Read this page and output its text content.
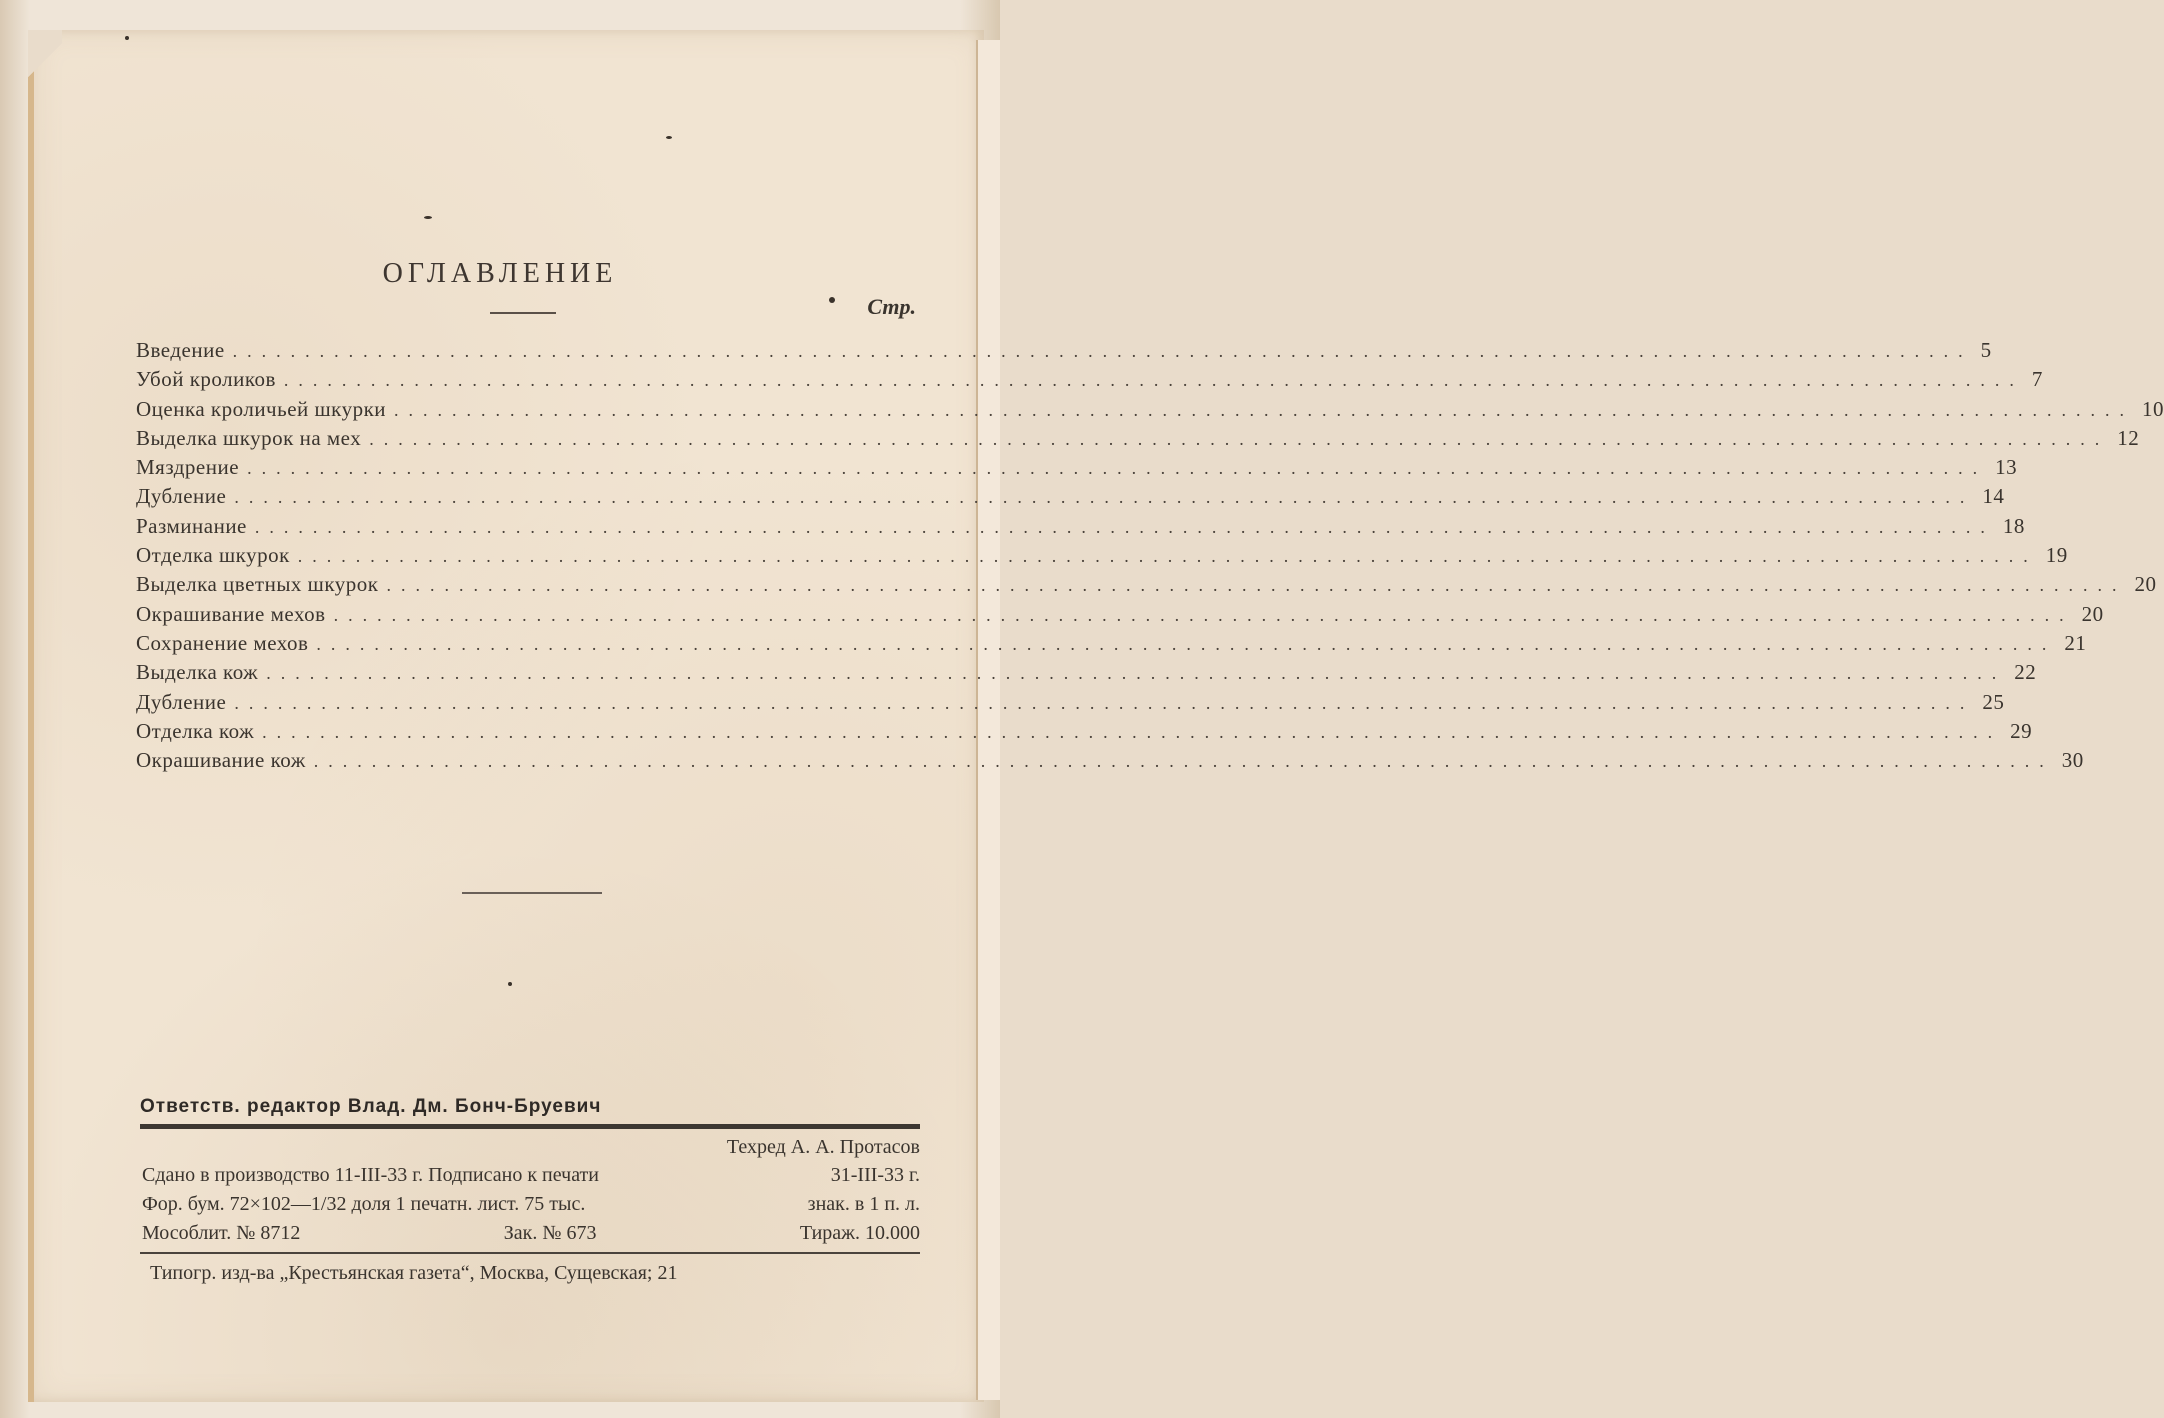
ОГЛАВЛЕНИЕ
Стр.
Введение ........................................................................................................................ 5
Убой кроликов ........................................................................................................................ 7
Оценка кроличьей шкурки ........................................................................................................................ 10
Выделка шкурок на мех ........................................................................................................................ 12
Мяздрение ........................................................................................................................ 13
Дубление ........................................................................................................................ 14
Разминание ........................................................................................................................ 18
Отделка шкурок ........................................................................................................................ 19
Выделка цветных шкурок ........................................................................................................................ 20
Окрашивание мехов ........................................................................................................................ 20
Сохранение мехов ........................................................................................................................ 21
Выделка кож ........................................................................................................................ 22
Дубление ........................................................................................................................ 25
Отделка кож ........................................................................................................................ 29
Окрашивание кож ........................................................................................................................ 30
Ответств. редактор Влад. Дм. Бонч-Бруевич
Техред А. А. Протасов
Сдано в производство 11-III-33 г. Подписано к печати	31-III-33 г.
Фор. бум. 72×102—1/32 доля 1 печатн. лист. 75 тыс.	знак. в 1 п. л.
Мособлит. № 8712	Зак. № 673	Тираж. 10.000
Типогр. изд-ва „Крестьянская газета“, Москва, Сущевская; 21
